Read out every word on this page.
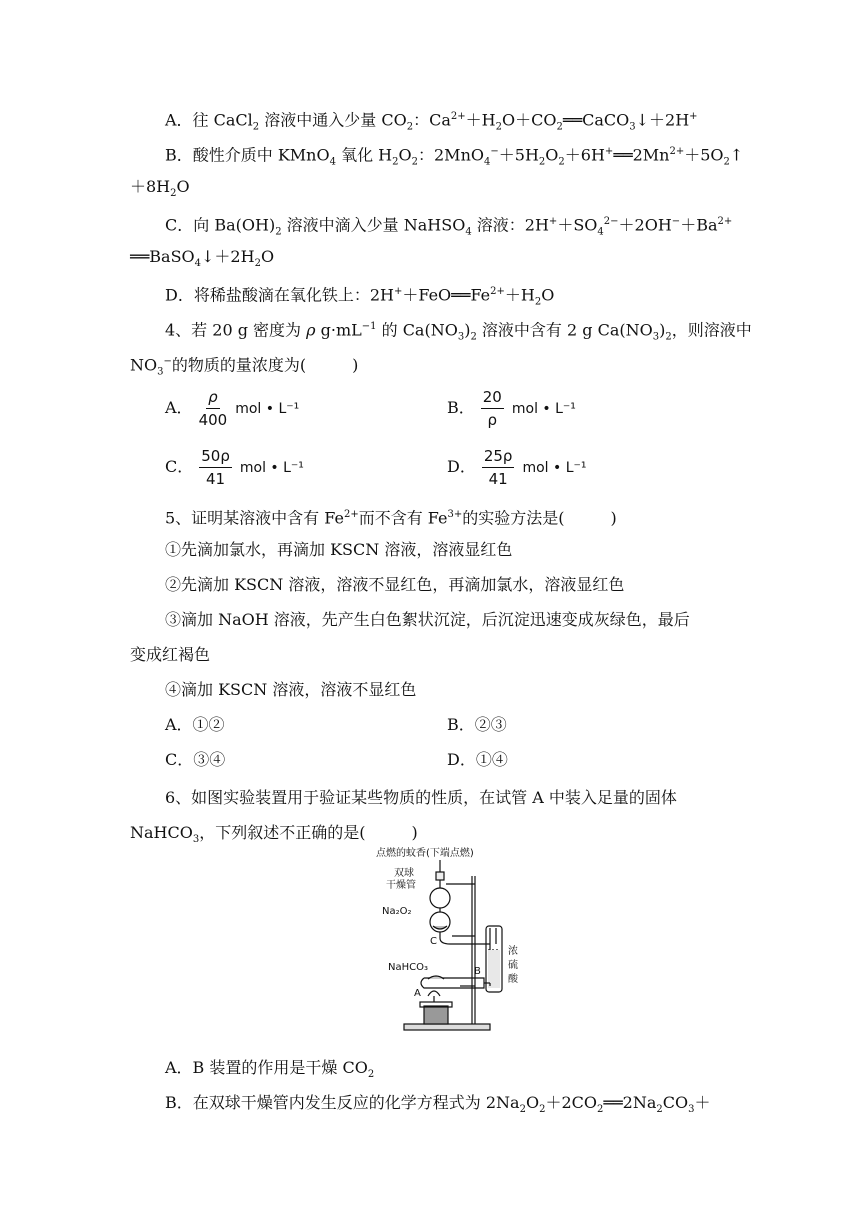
A．往 CaCl$_2$ 溶液中通入少量 $CO_2$：$Ca^{2+}+H_2O+CO_2══CaCO_3↓+2H^+$
B．酸性介质中 KMnO$_4$ 氧化 $H_2O_2$：$2MnO_4^-+5H_2O_2+6H^+══2Mn^{2+}+5O_2↑$
$+8H_2O$
C．向 $Ba(OH)_2$ 溶液中滴入少量 NaHSO$_4$ 溶液：$2H^++SO_4^{2-}+2OH^-+Ba^{2+}$
$══BaSO_4↓+2H_2O$
D．将稀盐酸滴在氧化铁上：$2H^++FeO══Fe^{2+}+H_2O$
4、若 20 g 密度为 ρ $g\cdot mL^{-1}$ 的 $Ca(NO_3)_2$ 溶液中含有 2 g $Ca(NO_3)_2$，则溶液中
$NO_3^-$的物质的量浓度为(	)
A． $\frac{\rho}{400}$ mol • L⁻¹	B． $\frac{20}{\rho}$ mol • L⁻¹
C． $\frac{50\rho}{41}$ mol • L⁻¹	D． $\frac{25\rho}{41}$ mol • L⁻¹
5、证明某溶液中含有 $Fe^{2+}$而不含有 $Fe^{3+}$的实验方法是(	)
①先滴加氯水，再滴加 KSCN 溶液，溶液显红色
②先滴加 KSCN 溶液，溶液不显红色，再滴加氯水，溶液显红色
③滴加 NaOH 溶液，先产生白色絮状沉淀，后沉淀迅速变成灰绿色，最后
变成红褐色
④滴加 KSCN 溶液，溶液不显红色
A．①②	B．②③
C．③④	D．①④
6、如图实验装置用于验证某些物质的性质，在试管 A 中装入足量的固体
NaHCO$_3$，下列叙述不正确的是(	)
点燃的蚊香(下端点燃)
双球
干燥管
Na₂O₂
C
NaHCO₃	B
A
浓
硫
酸
A．B 装置的作用是干燥 $CO_2$
B．在双球干燥管内发生反应的化学方程式为 $2Na_2O_2+2CO_2══2Na_2CO_3+$
